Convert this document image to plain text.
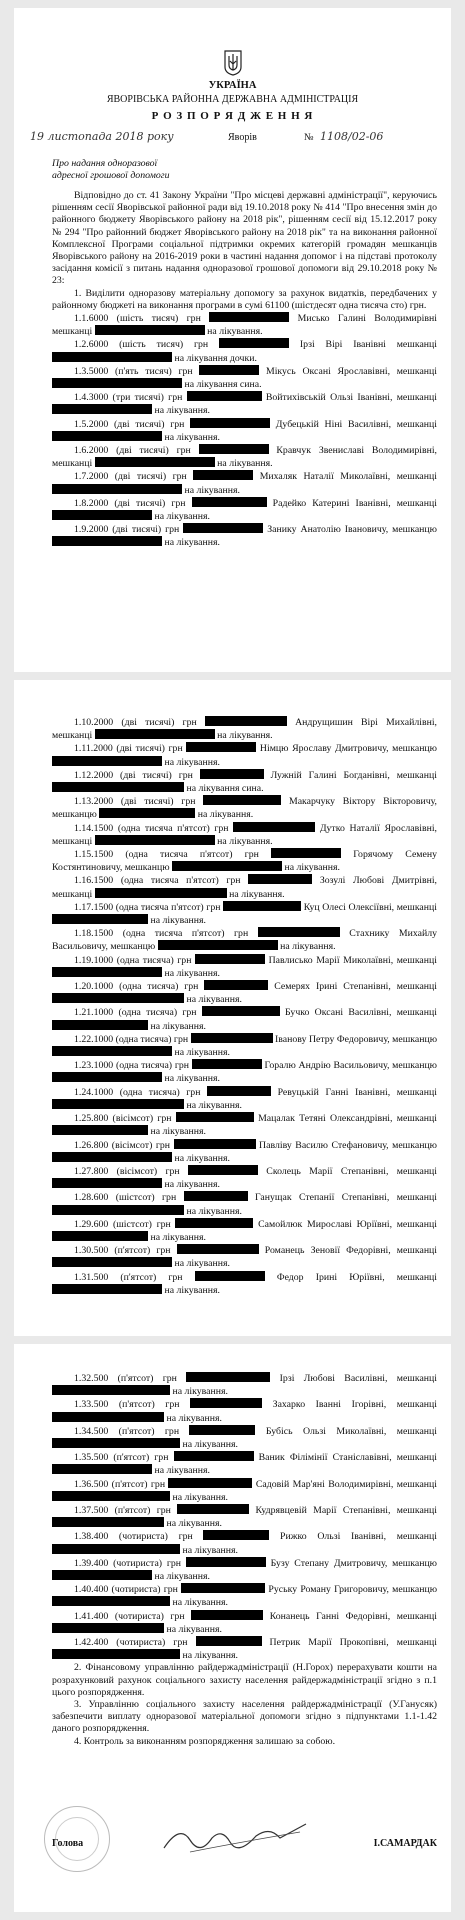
УКРАЇНА
ЯВОРІВСЬКА РАЙОННА ДЕРЖАВНА АДМІНІСТРАЦІЯ
Р О З П О Р Я Д Ж Е Н Н Я
19 листопада 2018 року	Яворів	№ 1108/02-06
Про надання одноразової
адресної грошової допомоги

Відповідно до ст. 41 Закону України "Про місцеві державні адміністрації", керуючись рішенням сесії Яворівської районної ради від 19.10.2018 року № 414 "Про внесення змін до районного бюджету Яворівського району на 2018 рік", рішенням сесії від 15.12.2017 року № 294 "Про районний бюджет Яворівського району на 2018 рік" та на виконання районної Комплексної Програми соціальної підтримки окремих категорій громадян мешканців Яворівського району на 2016-2019 роки в частині надання допомог і на підставі протоколу засідання комісії з питань надання одноразової грошової допомоги від 29.10.2018 року № 23:

1. Виділити одноразову матеріальну допомогу за рахунок видатків, передбачених у районному бюджеті на виконання програми в сумі 61100 (шістдесят одна тисяча сто) грн.

1.1.6000 (шість тисяч) грн	Мисько Галині Володимирівні мешканці	на лікування.

1.2.6000 (шість тисяч) грн	Ірзі Вірі Іванівні мешканці  на лікування дочки.

1.3.5000 (п'ять тисяч) грн	Мікусь Оксані Ярославівні, мешканці  на лікування сина.

1.4.3000 (три тисячі) грн	Войтихівській Ользі Іванівні, мешканці  на лікування.

1.5.2000 (дві тисячі) грн	Дубецькій Ніні Василівні, мешканці  на лікування.

1.6.2000 (дві тисячі) грн	Кравчук Звениславі Володимирівні, мешканці	на лікування.

1.7.2000 (дві тисячі) грн	Михаляк Наталії Миколаївні, мешканці  на лікування.

1.8.2000 (дві тисячі) грн	Радейко Катерині Іванівні, мешканці  на лікування.

1.9.2000 (дві тисячі) грн	Занику Анатолію Івановичу, мешканцю  на лікування.

1.10.2000 (дві тисячі) грн	Андрущишин Вірі Михайлівні, мешканці	на лікування.

1.11.2000 (дві тисячі) грн	Німцю Ярославу Дмитровичу, мешканцю  на лікування.

1.12.2000 (дві тисячі) грн	Лужній Галині Богданівні, мешканці  на лікування сина.

1.13.2000 (дві тисячі) грн	Макарчуку Віктору Вікторовичу, мешканцю	на лікування.

1.14.1500 (одна тисяча п'ятсот) грн	Дутко Наталії Ярославівні, мешканці	на лікування.

1.15.1500 (одна тисяча п'ятсот) грн	Горячому Семену Костянтиновичу, мешканцю	на лікування.

1.16.1500 (одна тисяча п'ятсот) грн	Зозулі Любові Дмитрівні, мешканці	на лікування.

1.17.1500 (одна тисяча п'ятсот) грн	Куц Олесі Олексіївні, мешканці  на лікування.

1.18.1500 (одна тисяча п'ятсот) грн	Стахнику Михайлу Васильовичу, мешканцю	на лікування.

1.19.1000 (одна тисяча) грн	Павлисько Марії Миколаївні, мешканці  на лікування.

1.20.1000 (одна тисяча) грн	Семерях Ірині Степанівні, мешканці  на лікування.

1.21.1000 (одна тисяча) грн	Бучко Оксані Василівні, мешканці  на лікування.

1.22.1000 (одна тисяча) грн	Іванову Петру Федоровичу, мешканцю  на лікування.

1.23.1000 (одна тисяча) грн	Горалю Андрію Васильовичу, мешканцю  на лікування.

1.24.1000 (одна тисяча) грн	Ревуцькій Ганні Іванівні, мешканці  на лікування.

1.25.800 (вісімсот) грн	Мацалак Тетяні Олександрівні, мешканці  на лікування.

1.26.800 (вісімсот) грн	Павліву Василю Стефановичу, мешканцю  на лікування.

1.27.800 (вісімсот) грн	Сколець Марії Степанівні, мешканці  на лікування.

1.28.600 (шістсот) грн	Ганущак Степанії Степанівні, мешканці  на лікування.

1.29.600 (шістсот) грн	Самойлюк Мирославі Юріївні, мешканці  на лікування.

1.30.500 (п'ятсот) грн	Романець Зеновії Федорівні, мешканці  на лікування.

1.31.500 (п'ятсот) грн	Федор Ірині Юріївні, мешканці  на лікування.

1.32.500 (п'ятсот) грн	Ірзі Любові Василівні, мешканці  на лікування.

1.33.500 (п'ятсот) грн	Захарко Іванні Ігорівні, мешканці  на лікування.

1.34.500 (п'ятсот) грн	Бубісь Ользі Миколаївні, мешканці  на лікування.

1.35.500 (п'ятсот) грн	Ваник Філімінії Станіславівні, мешканці  на лікування.

1.36.500 (п'ятсот) грн	Садовій Мар'яні Володимирівні, мешканці  на лікування.

1.37.500 (п'ятсот) грн	Кудрявцевій Марії Степанівні, мешканці  на лікування.

1.38.400 (чотириста) грн	Рижко Ользі Іванівні, мешканці  на лікування.

1.39.400 (чотириста) грн	Бузу Степану Дмитровичу, мешканцю  на лікування.

1.40.400 (чотириста) грн	Руську Роману Григоровичу, мешканцю  на лікування.

1.41.400 (чотириста) грн	Конанець Ганні Федорівні, мешканці  на лікування.

1.42.400 (чотириста) грн	Петрик Марії Прокопівні, мешканці  на лікування.

2. Фінансовому управлінню райдержадміністрації (Н.Горох) перерахувати кошти на розрахунковий рахунок соціального захисту населення райдержадміністрації згідно з п.1 цього розпорядження.

3. Управлінню соціального захисту населення райдержадміністрації (У.Ганусяк) забезпечити виплату одноразової матеріальної допомоги згідно з підпунктами 1.1-1.42 даного розпорядження.

4. Контроль за виконанням розпорядження залишаю за собою.

Голова	І.САМАРДАК
